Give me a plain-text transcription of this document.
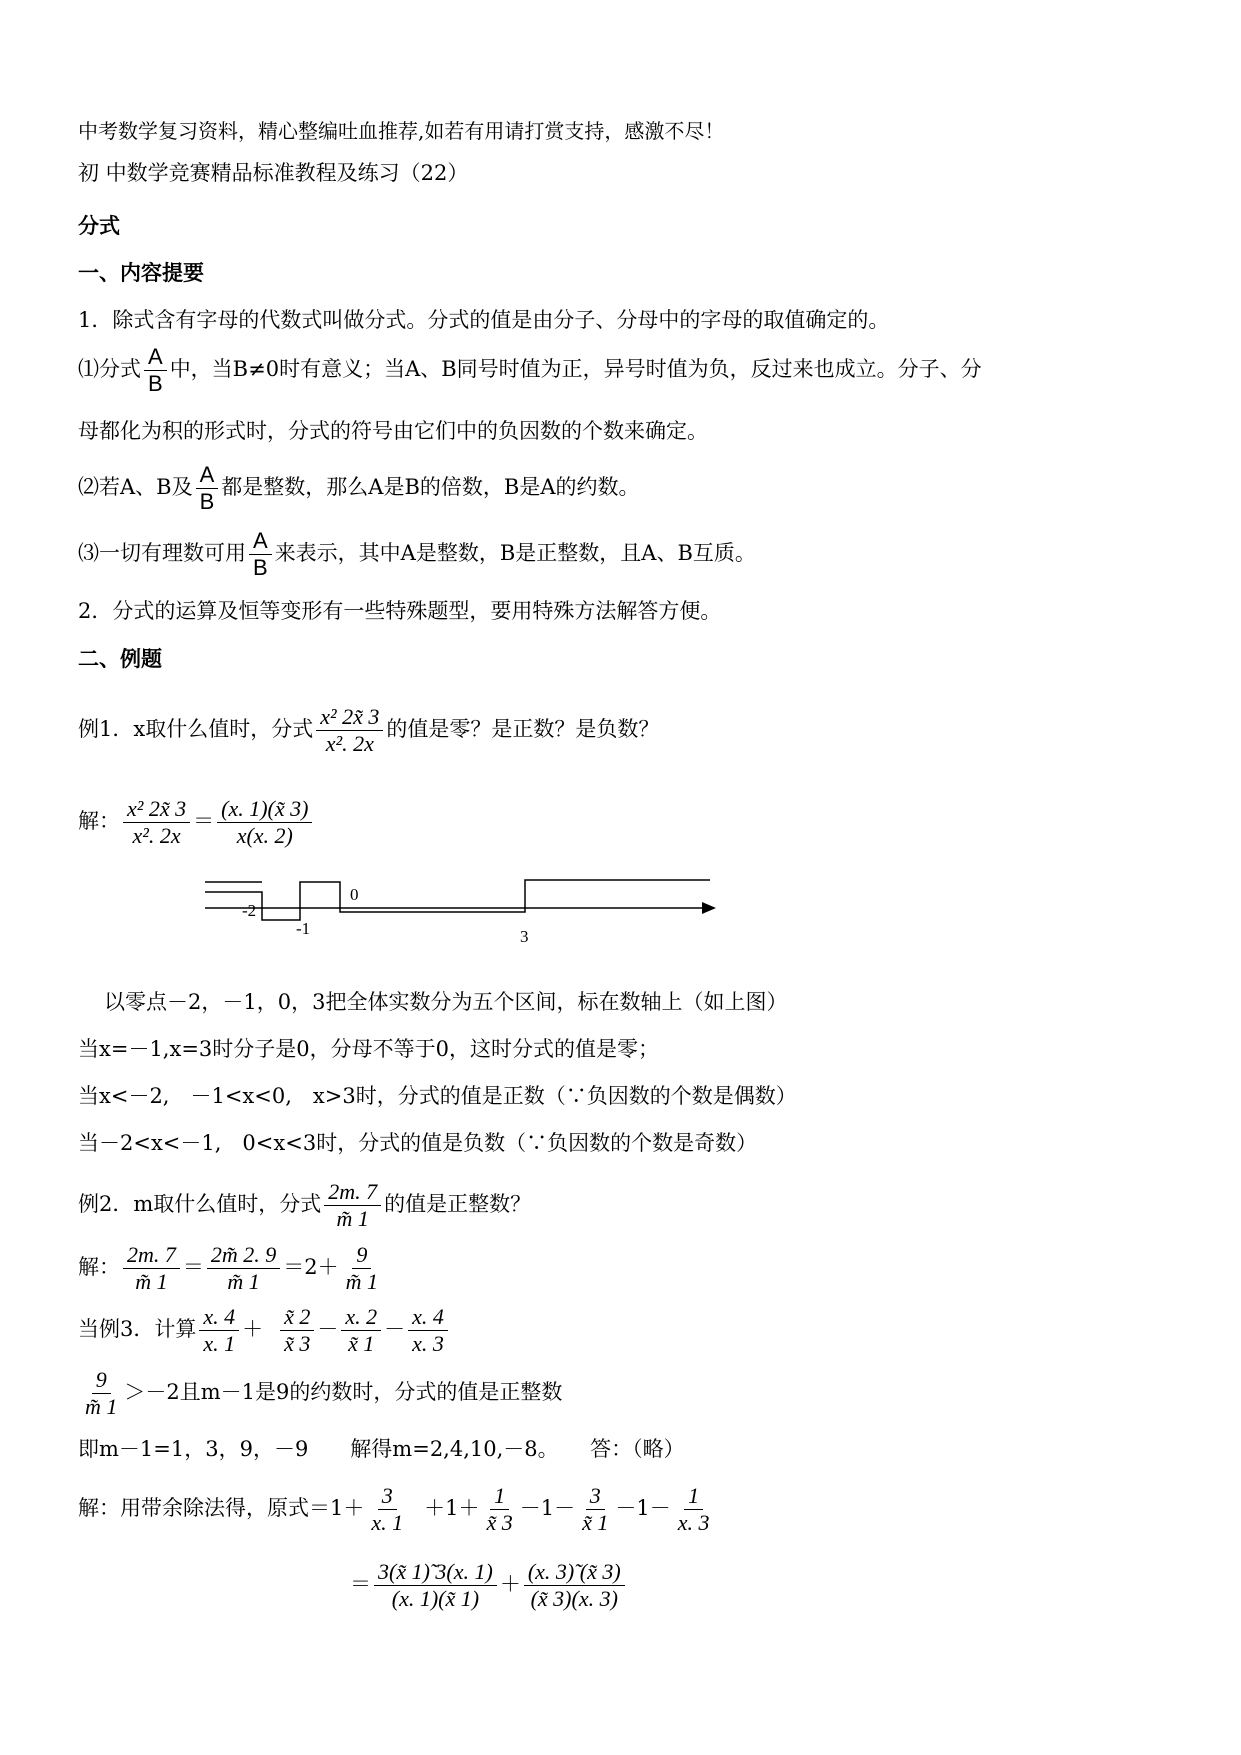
中考数学复习资料，精心整编吐血推荐,如若有用请打赏支持，感激不尽！
初 中数学竞赛精品标准教程及练习（22）
分式
一、内容提要
1．除式含有字母的代数式叫做分式。分式的值是由分子、分母中的字母的取值确定的。
⑴分式 $\frac{A}{B}$ 中，当B≠0时有意义；当A、B同号时值为正，异号时值为负，反过来也成立。分子、分
母都化为积的形式时，分式的符号由它们中的负因数的个数来确定。
⑵若A、B及 $\frac{A}{B}$ 都是整数，那么A是B的倍数，B是A的约数。
⑶一切有理数可用 $\frac{A}{B}$ 来表示，其中A是整数，B是正整数，且A、B互质。
2．分式的运算及恒等变形有一些特殊题型，要用特殊方法解答方便。
二、例题
例1．x取什么值时，分式 $\frac{\text{x² 2x̃ 3}}{\text{x². 2x}}$ 的值是零？是正数？是负数？
解： $\frac{\text{x² 2x̃ 3}}{\text{x². 2x}} = \frac{(x. 1)(x̃ 3)}{x(x. 2)}$
-2
-1
0
3
以零点－2，－1，0，3把全体实数分为五个区间，标在数轴上（如上图）
当x=－1,x=3时分子是0，分母不等于0，这时分式的值是零；
当x<－2,　－1<x<0,　x>3时，分式的值是正数（∵负因数的个数是偶数）
当－2<x<－1,　0<x<3时，分式的值是负数（∵负因数的个数是奇数）
例2．m取什么值时，分式 $\frac{2m. 7}{m̃ 1}$ 的值是正整数？
解： $\frac{2m. 7}{m̃ 1} = \frac{2m̃ 2. 9}{m̃ 1} =2+ \frac{9}{m̃ 1}$
当例3．计算 $\frac{x. 4}{x. 1} + \frac{x̃ 2}{x̃ 3} - \frac{x. 2}{x̃ 1} - \frac{x. 4}{x. 3}$
$\frac{9}{m̃ 1} >-2$且m－1是9的约数时，分式的值是正整数
即m－1=1，3，9，－9　　解得m=2,4,10,－8。　　答：（略）
解：用带余除法得，原式$=1+ \frac{3}{x. 1} +1+ \frac{1}{x̃ 3} -1- \frac{3}{x̃ 1} -1- \frac{1}{x. 3}$
＝ $\frac{3(x̃ 1)̃ 3(x. 1)}{(x. 1)(x̃ 1)} + \frac{(x. 3)̃ (x̃ 3)}{(x̃ 3)(x. 3)}$
